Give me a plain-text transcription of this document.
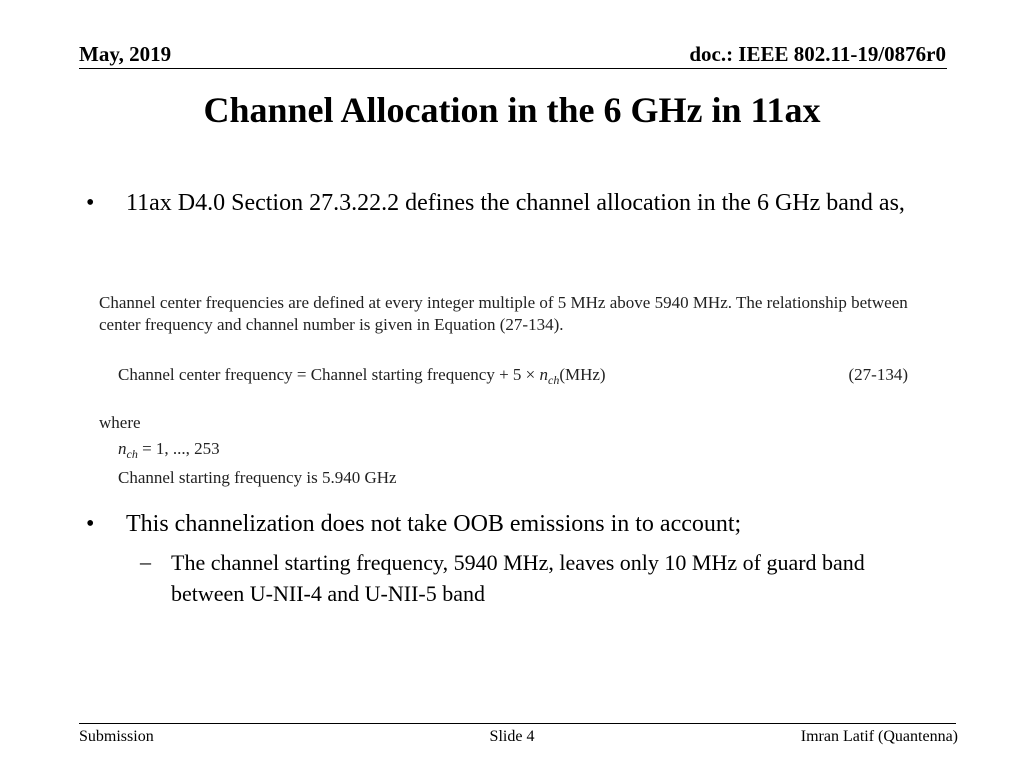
May, 2019	doc.: IEEE 802.11-19/0876r0
Channel Allocation in the 6 GHz in 11ax
• 11ax D4.0 Section 27.3.22.2 defines the channel allocation in the 6 GHz band as,

Channel center frequencies are defined at every integer multiple of 5 MHz above 5940 MHz. The relationship between center frequency and channel number is given in Equation (27-134).

Channel center frequency = Channel starting frequency + $5 \times n_{ch}(MHz)$	(27-134)
where
$n_{ch} = 1$, ..., 253
Channel starting frequency is 5.940 GHz
• This channelization does not take OOB emissions in to account;
– The channel starting frequency, 5940 MHz, leaves only 10 MHz of guard band between U-NII-4 and U-NII-5 band
Submission	Slide 4	Imran Latif (Quantenna)
